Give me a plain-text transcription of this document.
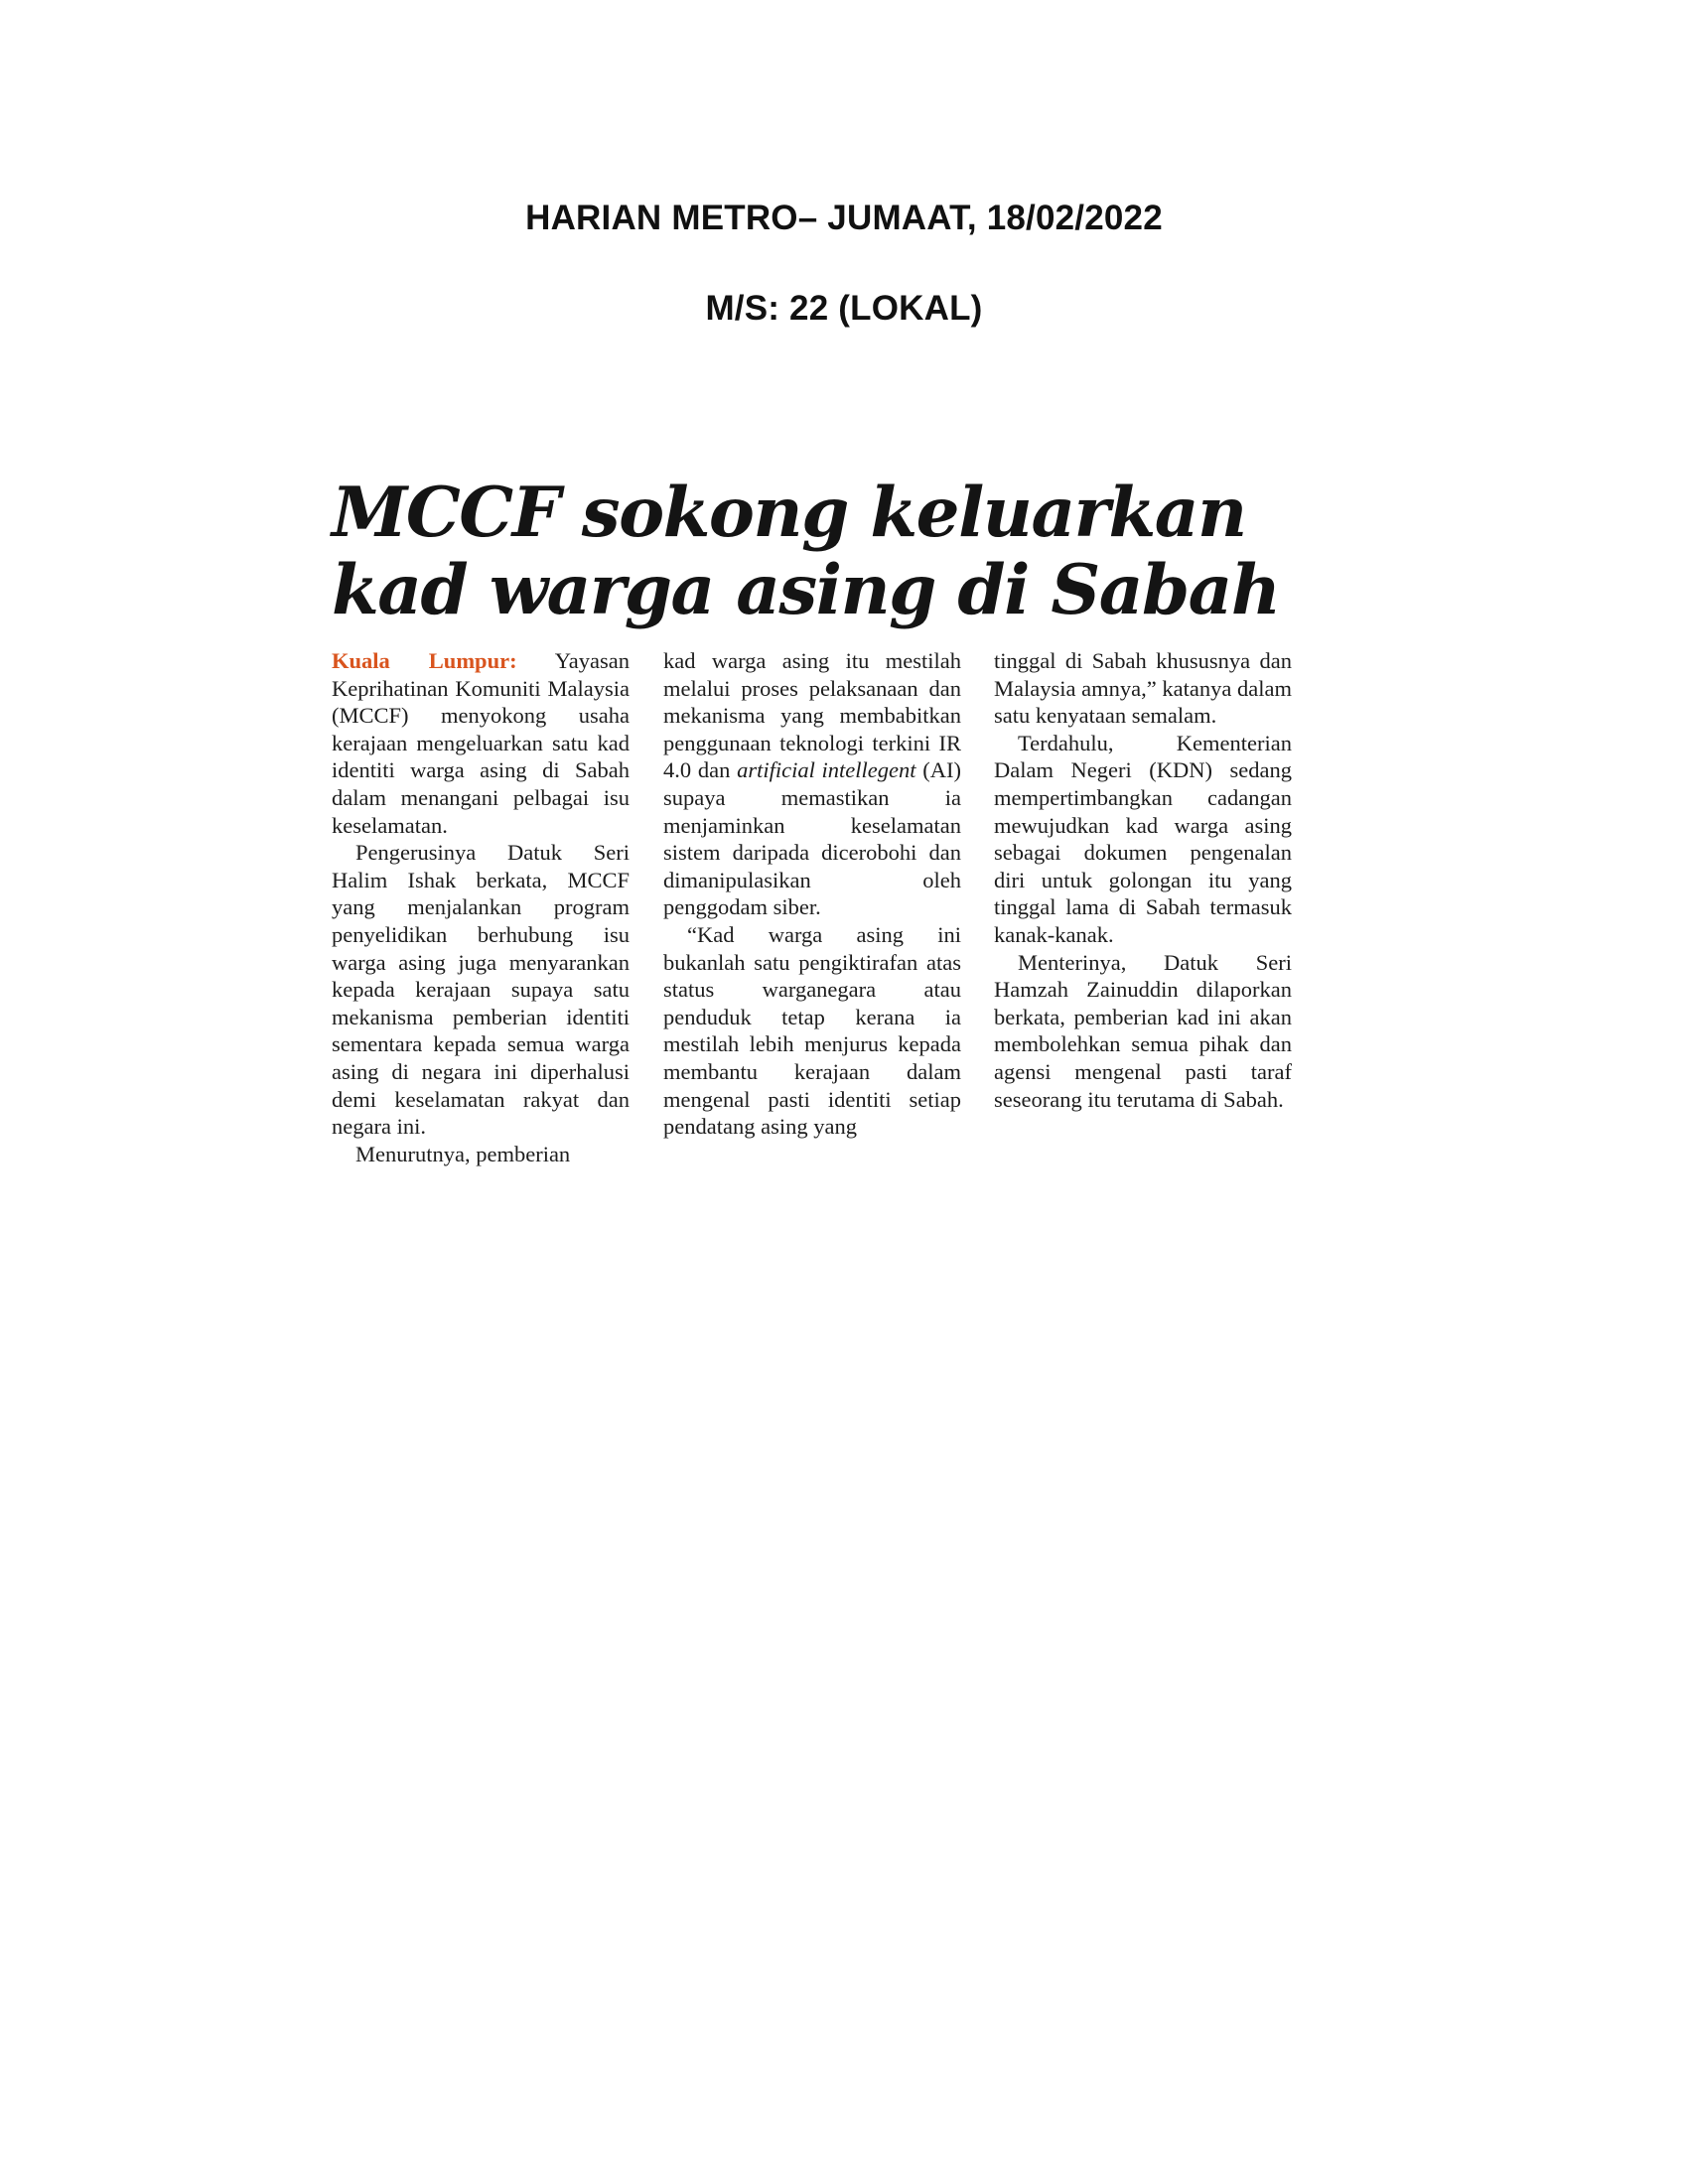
HARIAN METRO– JUMAAT, 18/02/2022
M/S: 22 (LOKAL)
MCCF sokong keluarkan
kad warga asing di Sabah

Kuala Lumpur: Yayasan Keprihatinan Komuniti Malaysia (MCCF) menyokong usaha kerajaan mengeluarkan satu kad identiti warga asing di Sabah dalam menangani pelbagai isu keselamatan.

Pengerusinya Datuk Seri Halim Ishak berkata, MCCF yang menjalankan program penyelidikan berhubung isu warga asing juga menyarankan kepada kerajaan supaya satu mekanisma pemberian identiti sementara kepada semua warga asing di negara ini diperhalusi demi keselamatan rakyat dan negara ini.

Menurutnya, pemberian

kad warga asing itu mestilah melalui proses pelaksanaan dan mekanisma yang membabitkan penggunaan teknologi terkini IR 4.0 dan artificial intellegent (AI) supaya memastikan ia menjaminkan keselamatan sistem daripada dicerobohi dan dimanipulasikan oleh penggodam siber.

“Kad warga asing ini bukanlah satu pengiktirafan atas status warganegara atau penduduk tetap kerana ia mestilah lebih menjurus kepada membantu kerajaan dalam mengenal pasti identiti setiap pendatang asing yang

tinggal di Sabah khususnya dan Malaysia amnya,” katanya dalam satu kenyataan semalam.

Terdahulu, Kementerian Dalam Negeri (KDN) sedang mempertimbangkan cadangan mewujudkan kad warga asing sebagai dokumen pengenalan diri untuk golongan itu yang tinggal lama di Sabah termasuk kanak-kanak.

Menterinya, Datuk Seri Hamzah Zainuddin dilaporkan berkata, pemberian kad ini akan membolehkan semua pihak dan agensi mengenal pasti taraf seseorang itu terutama di Sabah.
